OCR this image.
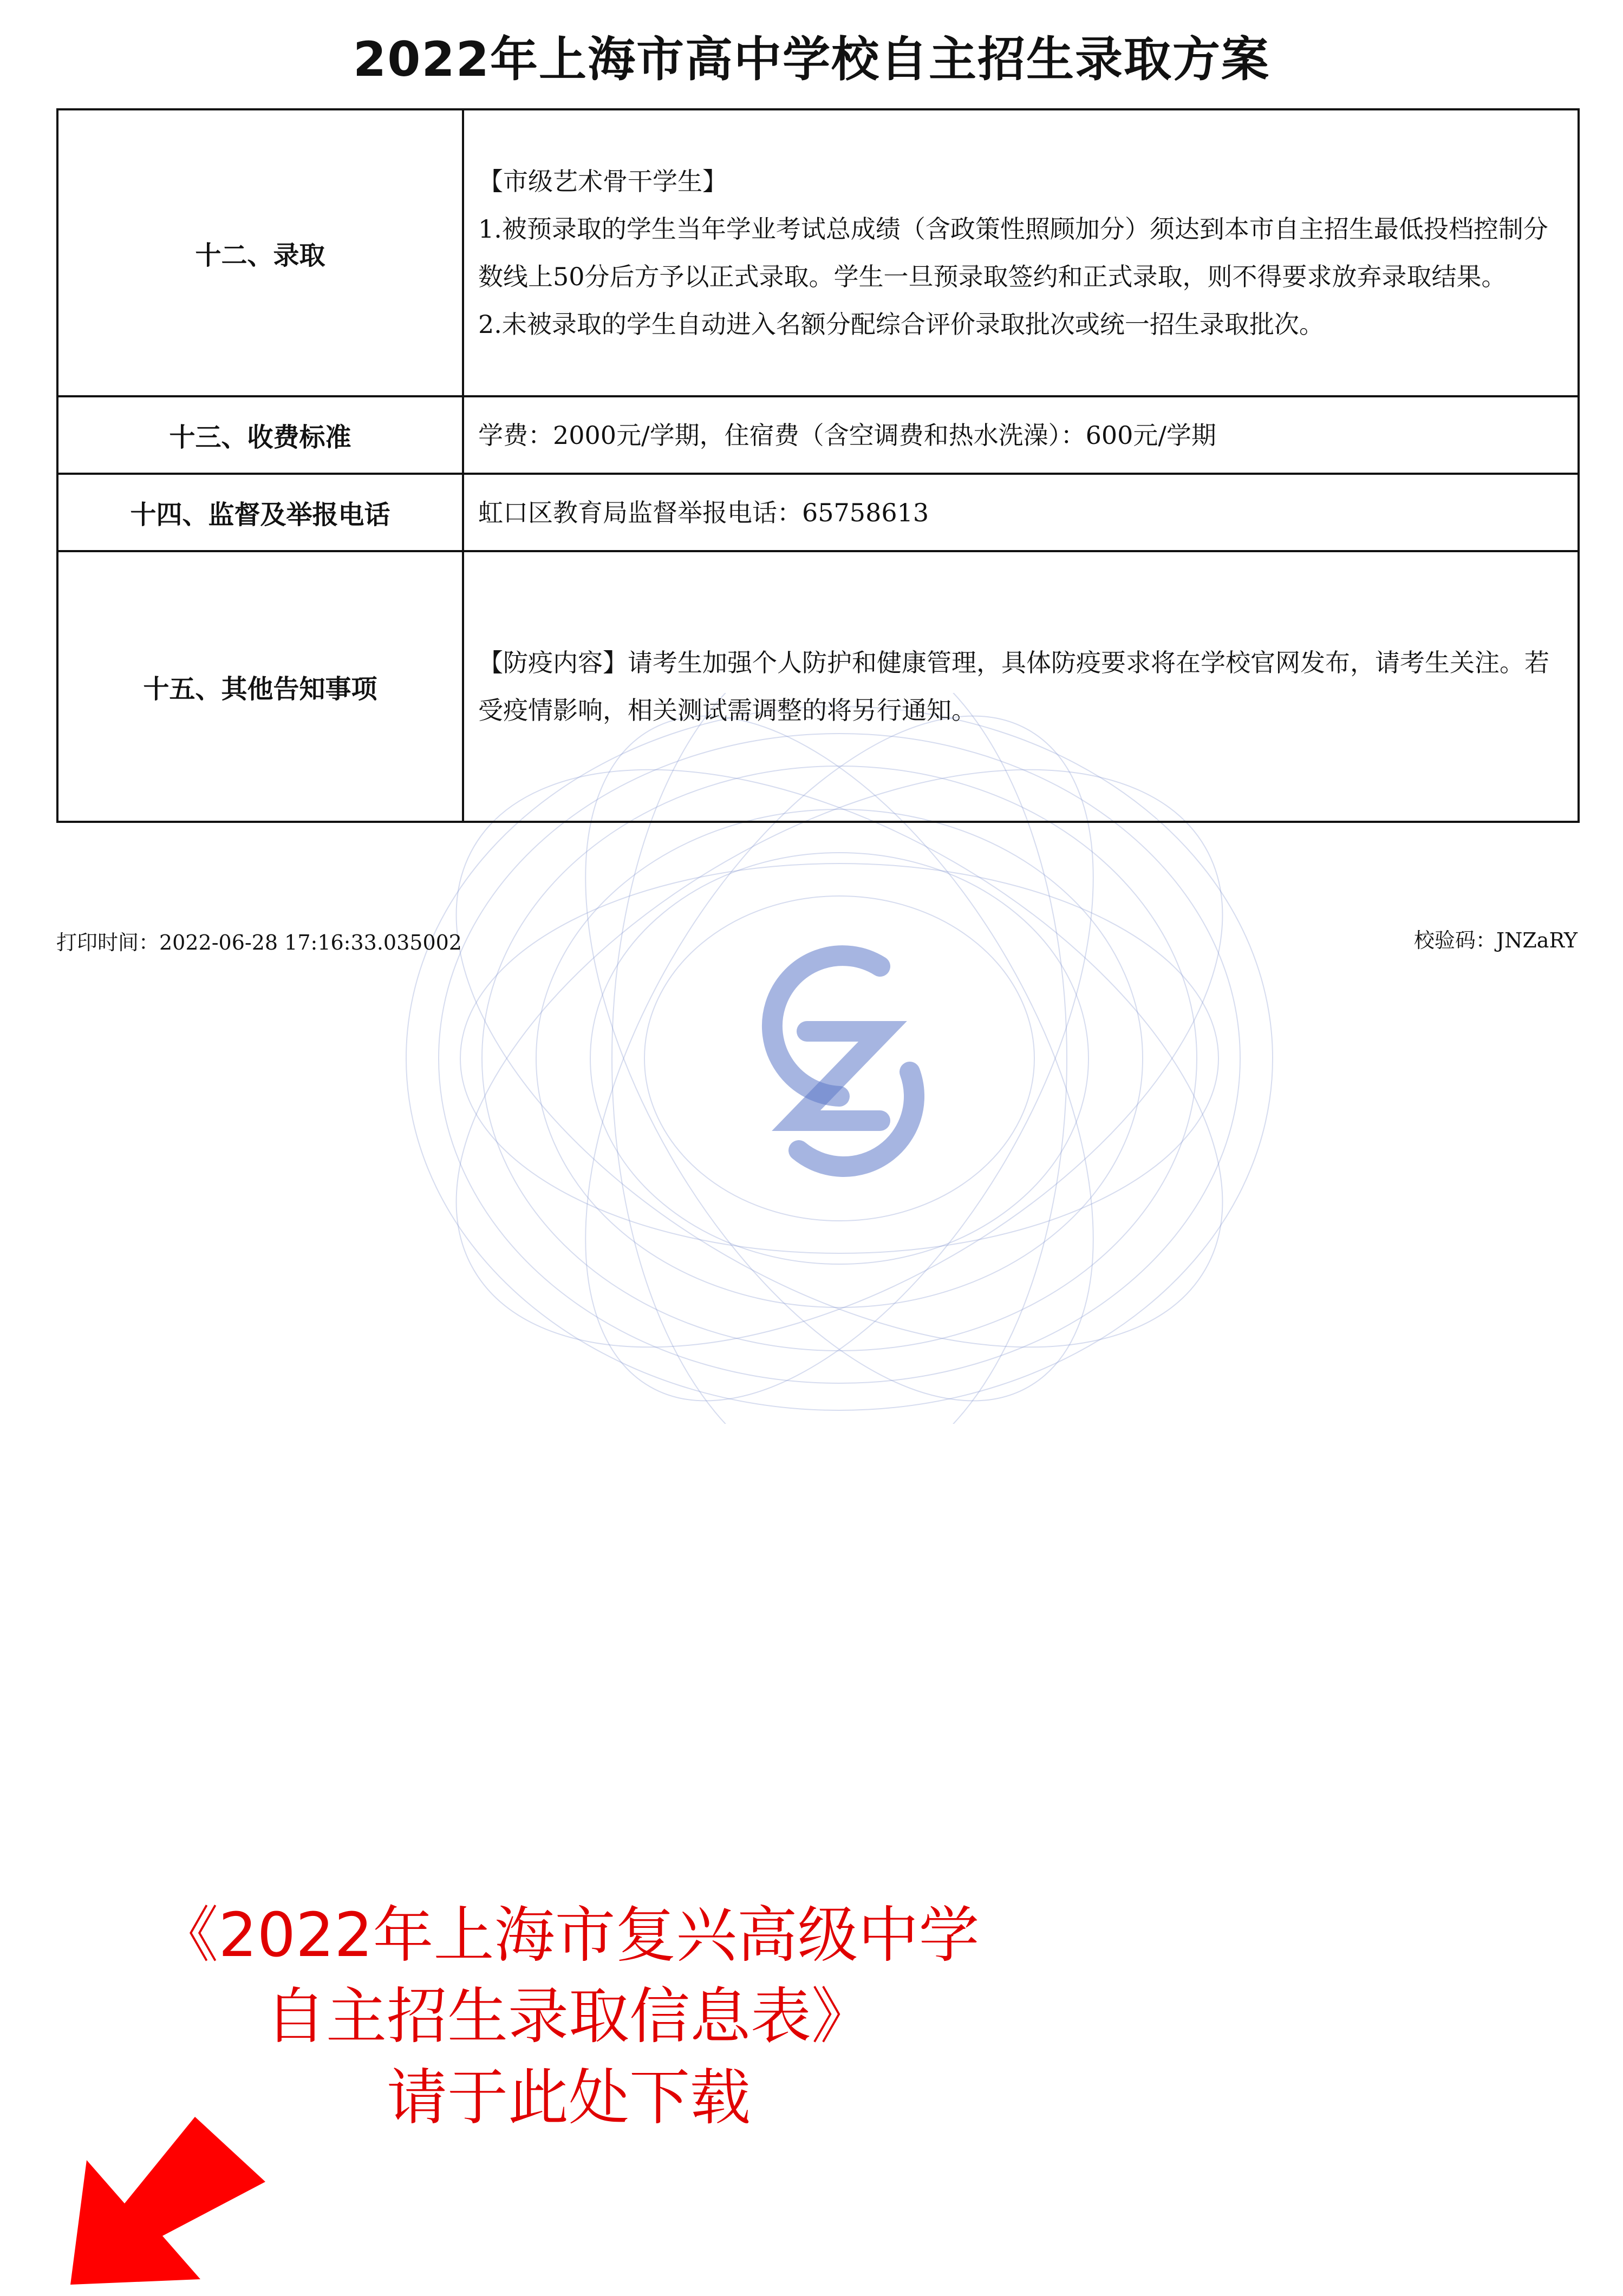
2022年上海市高中学校自主招生录取方案
十二、录取	【市级艺术骨干学生】
1.被预录取的学生当年学业考试总成绩（含政策性照顾加分）须达到本市自主招生最低投档控制分数线上50分后方予以正式录取。学生一旦预录取签约和正式录取，则不得要求放弃录取结果。
2.未被录取的学生自动进入名额分配综合评价录取批次或统一招生录取批次。

十三、收费标准	学费：2000元/学期，住宿费（含空调费和热水洗澡）：600元/学期

十四、监督及举报电话	虹口区教育局监督举报电话：65758613

十五、其他告知事项	【防疫内容】请考生加强个人防护和健康管理，具体防疫要求将在学校官网发布，请考生关注。若受疫情影响，相关测试需调整的将另行通知。
打印时间：2022-06-28 17:16:33.035002	校验码：JNZaRY
《2022年上海市复兴高级中学
自主招生录取信息表》
请于此处下载
